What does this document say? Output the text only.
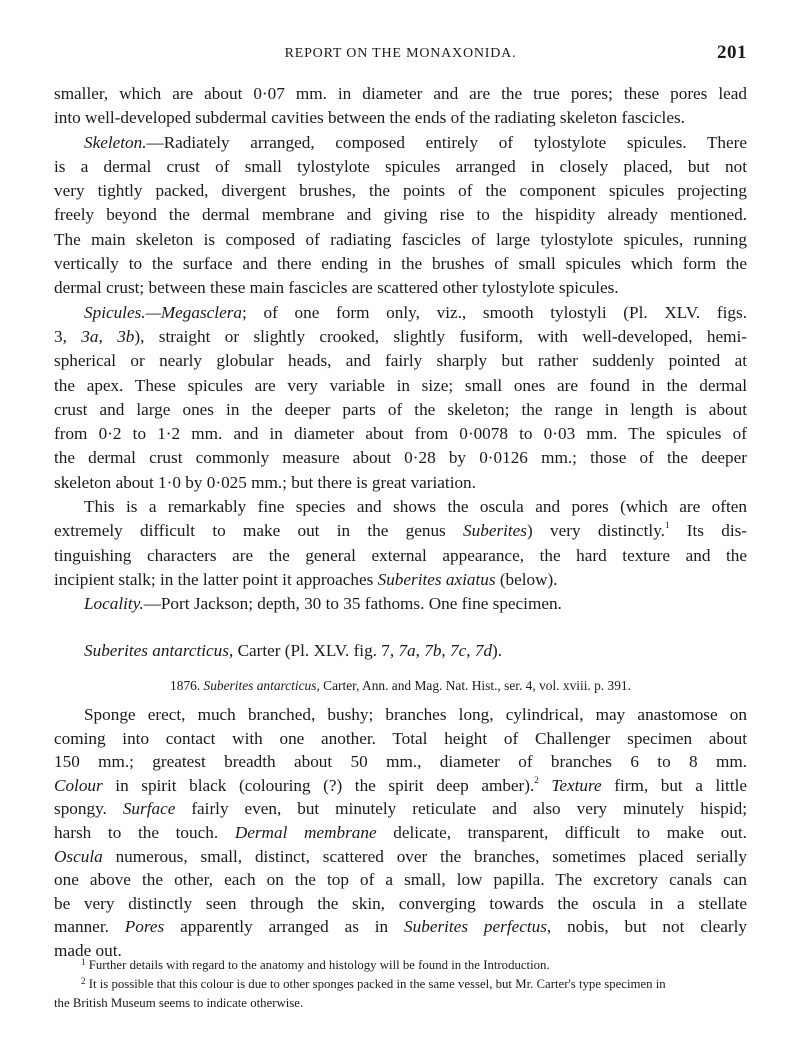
REPORT ON THE MONAXONIDA.	201
smaller, which are about 0·07 mm. in diameter and are the true pores; these pores lead
into well-developed subdermal cavities between the ends of the radiating skeleton fascicles.
Skeleton.—Radiately arranged, composed entirely of tylostylote spicules. There
is a dermal crust of small tylostylote spicules arranged in closely placed, but not
very tightly packed, divergent brushes, the points of the component spicules projecting
freely beyond the dermal membrane and giving rise to the hispidity already mentioned.
The main skeleton is composed of radiating fascicles of large tylostylote spicules, running
vertically to the surface and there ending in the brushes of small spicules which form the
dermal crust; between these main fascicles are scattered other tylostylote spicules.
Spicules.—Megasclera; of one form only, viz., smooth tylostyli (Pl. XLV. figs.
3, 3a, 3b), straight or slightly crooked, slightly fusiform, with well-developed, hemi-
spherical or nearly globular heads, and fairly sharply but rather suddenly pointed at
the apex. These spicules are very variable in size; small ones are found in the dermal
crust and large ones in the deeper parts of the skeleton; the range in length is about
from 0·2 to 1·2 mm. and in diameter about from 0·0078 to 0·03 mm. The spicules of
the dermal crust commonly measure about 0·28 by 0·0126 mm.; those of the deeper
skeleton about 1·0 by 0·025 mm.; but there is great variation.
This is a remarkably fine species and shows the oscula and pores (which are often
extremely difficult to make out in the genus Suberites) very distinctly.$^1$ Its dis-
tinguishing characters are the general external appearance, the hard texture and the
incipient stalk; in the latter point it approaches Suberites axiatus (below).
Locality.—Port Jackson; depth, 30 to 35 fathoms. One fine specimen.
Suberites antarcticus, Carter (Pl. XLV. fig. 7, 7a, 7b, 7c, 7d).
1876. Suberites antarcticus, Carter, Ann. and Mag. Nat. Hist., ser. 4, vol. xviii. p. 391.
Sponge erect, much branched, bushy; branches long, cylindrical, may anastomose on
coming into contact with one another. Total height of Challenger specimen about
150 mm.; greatest breadth about 50 mm., diameter of branches 6 to 8 mm.
Colour in spirit black (colouring (?) the spirit deep amber).$^2$ Texture firm, but a little
spongy. Surface fairly even, but minutely reticulate and also very minutely hispid;
harsh to the touch. Dermal membrane delicate, transparent, difficult to make out.
Oscula numerous, small, distinct, scattered over the branches, sometimes placed serially
one above the other, each on the top of a small, low papilla. The excretory canals can
be very distinctly seen through the skin, converging towards the oscula in a stellate
manner. Pores apparently arranged as in Suberites perfectus, nobis, but not clearly
made out.
$^1$ Further details with regard to the anatomy and histology will be found in the Introduction.
$^2$ It is possible that this colour is due to other sponges packed in the same vessel, but Mr. Carter's type specimen in
the British Museum seems to indicate otherwise.
